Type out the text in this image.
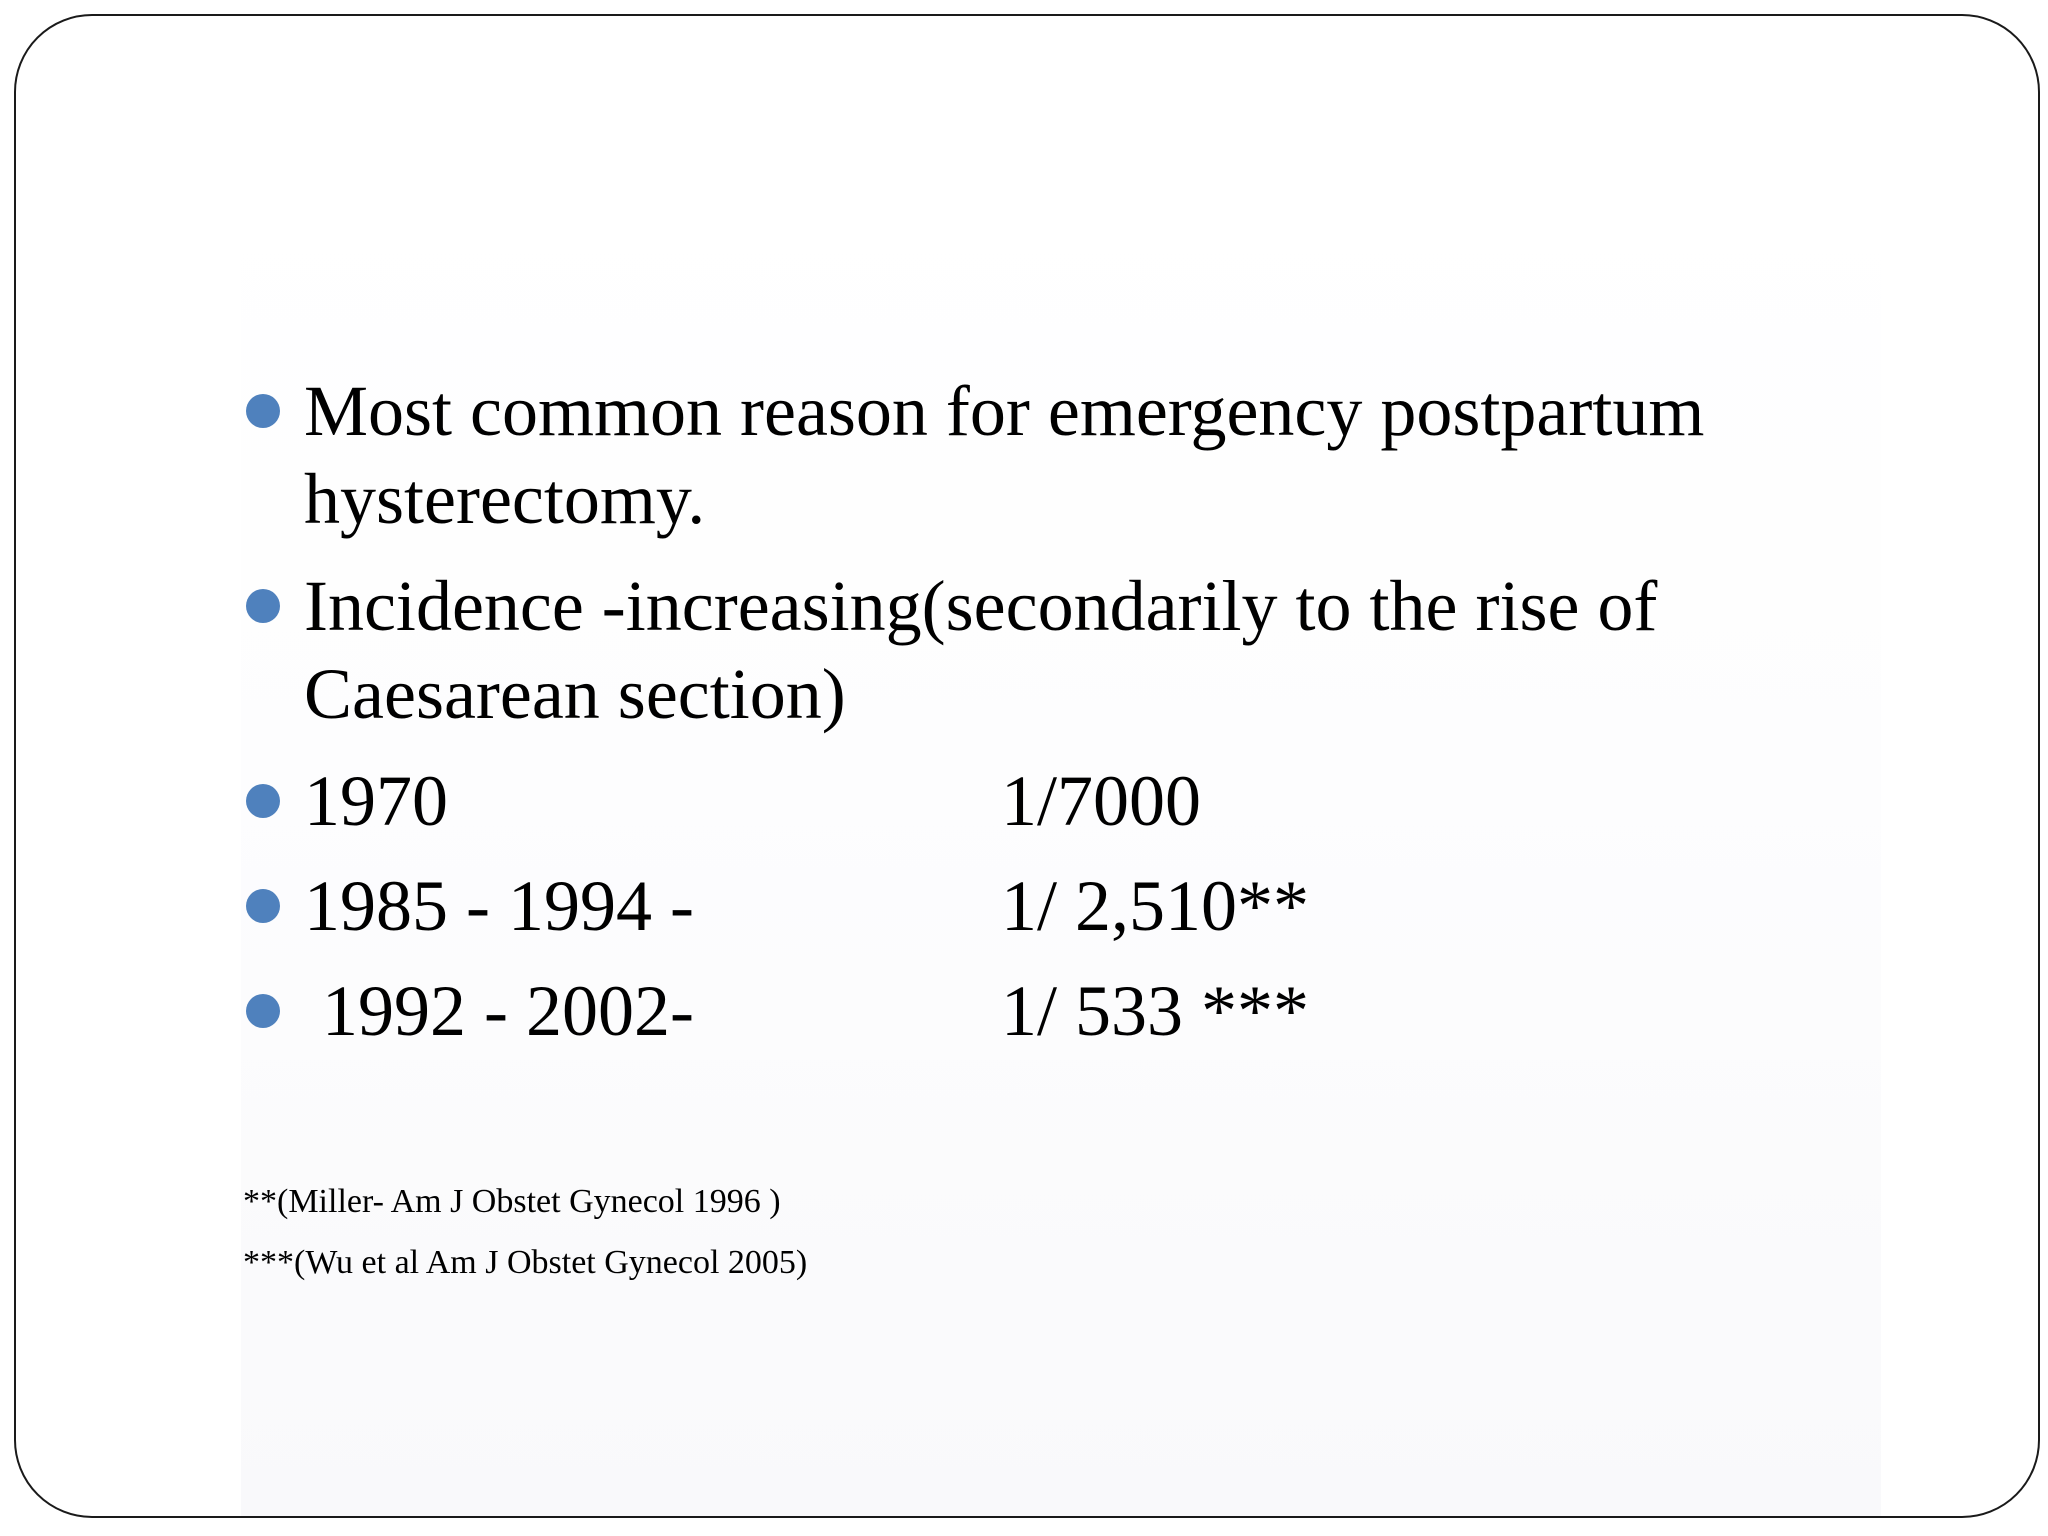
Most common reason for emergency postpartum
hysterectomy.
Incidence -increasing(secondarily to the rise of
Caesarean section)
1970	1/7000
1985 - 1994 -	1/ 2,510**
1992 - 2002-	1/ 533 ***
**(Miller- Am J Obstet Gynecol 1996 )
***(Wu et al Am J Obstet Gynecol 2005)
